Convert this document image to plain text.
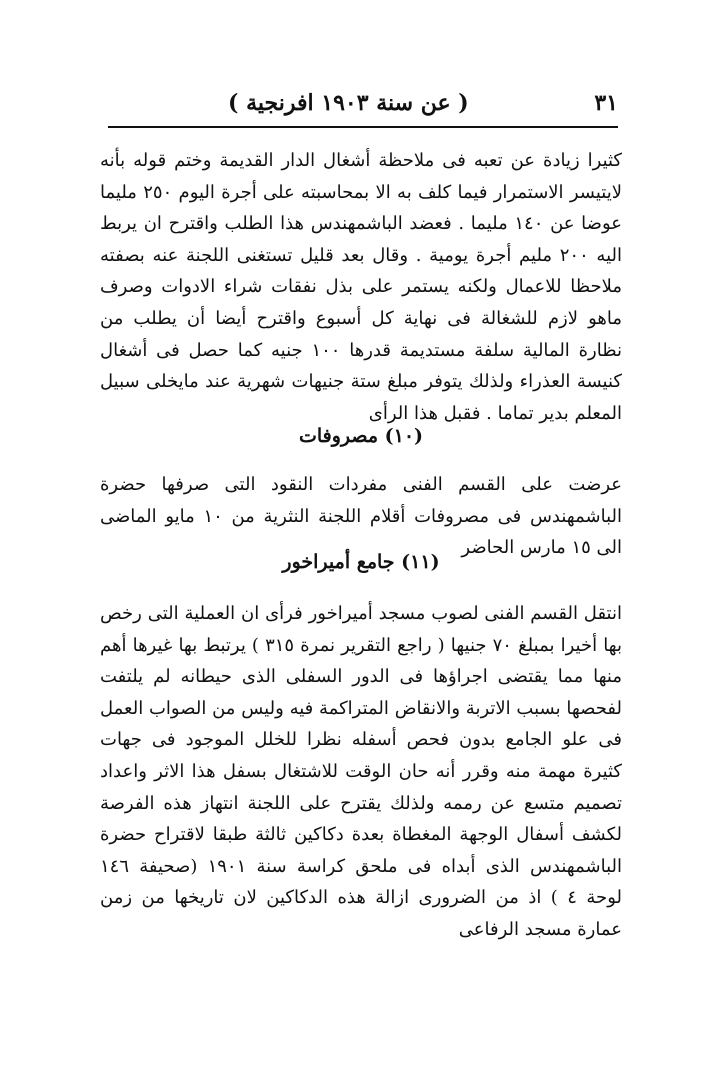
٣١
( عن سنة ١٩٠٣ افرنجية )

كثيرا زيادة عن تعبه فى ملاحظة أشغال الدار القديمة وختم قوله بأنه لايتيسر الاستمرار فيما كلف به الا بمحاسبته على أجرة اليوم ٢٥٠ مليما عوضا عن ١٤٠ مليما . فعضد الباشمهندس هذا الطلب واقترح ان يربط اليه ٢٠٠ مليم أجرة يومية . وقال بعد قليل تستغنى اللجنة عنه بصفته ملاحظا للاعمال ولكنه يستمر على بذل نفقات شراء الادوات وصرف ماهو لازم للشغالة فى نهاية كل أسبوع واقترح أيضا أن يطلب من نظارة المالية سلفة مستديمة قدرها ١٠٠ جنيه كما حصل فى أشغال كنيسة العذراء ولذلك يتوفر مبلغ ستة جنيهات شهرية عند مايخلى سبيل المعلم بدير تماما . فقبل هذا الرأى

(١٠) مصروفات

عرضت على القسم الفنى مفردات النقود التى صرفها حضرة الباشمهندس فى مصروفات أقلام اللجنة النثرية من ١٠ مايو الماضى الى ١٥ مارس الحاضر

(١١) جامع أميراخور

انتقل القسم الفنى لصوب مسجد أميراخور فرأى ان العملية التى رخص بها أخيرا بمبلغ ٧٠ جنيها ( راجع التقرير نمرة ٣١٥ ) يرتبط بها غيرها أهم منها مما يقتضى اجراؤها فى الدور السفلى الذى حيطانه لم يلتفت لفحصها بسبب الاتربة والانقاض المتراكمة فيه وليس من الصواب العمل فى علو الجامع بدون فحص أسفله نظرا للخلل الموجود فى جهات كثيرة مهمة منه وقرر أنه حان الوقت للاشتغال بسفل هذا الاثر واعداد تصميم متسع عن رممه ولذلك يقترح على اللجنة انتهاز هذه الفرصة لكشف أسفال الوجهة المغطاة بعدة دكاكين ثالثة طبقا لاقتراح حضرة الباشمهندس الذى أبداه فى ملحق كراسة سنة ١٩٠١ (صحيفة ١٤٦ لوحة ٤ ) اذ من الضرورى ازالة هذه الدكاكين لان تاريخها من زمن عمارة مسجد الرفاعى
